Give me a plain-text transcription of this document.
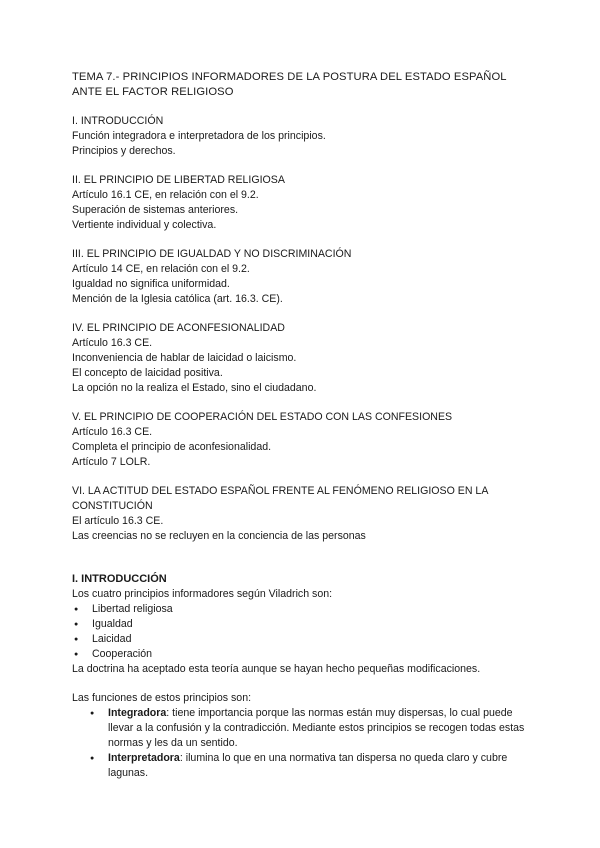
TEMA 7.- PRINCIPIOS INFORMADORES DE LA POSTURA DEL ESTADO ESPAÑOL

ANTE EL FACTOR RELIGIOSO

I. INTRODUCCIÓN

Función integradora e interpretadora de los principios.

Principios y derechos.

II. EL PRINCIPIO DE LIBERTAD RELIGIOSA

Artículo 16.1 CE, en relación con el 9.2.

Superación de sistemas anteriores.

Vertiente individual y colectiva.

III. EL PRINCIPIO DE IGUALDAD Y NO DISCRIMINACIÓN

Artículo 14 CE, en relación con el 9.2.

Igualdad no significa uniformidad.

Mención de la Iglesia católica (art. 16.3. CE).

IV. EL PRINCIPIO DE ACONFESIONALIDAD

Artículo 16.3 CE.

Inconveniencia de hablar de laicidad o laicismo.

El concepto de laicidad positiva.

La opción no la realiza el Estado, sino el ciudadano.

V. EL PRINCIPIO DE COOPERACIÓN DEL ESTADO CON LAS CONFESIONES

Artículo 16.3 CE.

Completa el principio de aconfesionalidad.

Artículo 7 LOLR.

VI. LA ACTITUD DEL ESTADO ESPAÑOL FRENTE AL FENÓMENO RELIGIOSO EN LA

CONSTITUCIÓN

El artículo 16.3 CE.

Las creencias no se recluyen en la conciencia de las personas

I. INTRODUCCIÓN

Los cuatro principios informadores según Viladrich son:

● Libertad religiosa
● Igualdad
● Laicidad
● Cooperación

La doctrina ha aceptado esta teoría aunque se hayan hecho pequeñas modificaciones.

Las funciones de estos principios son:

● Integradora: tiene importancia porque las normas están muy dispersas, lo cual puede llevar a la confusión y la contradicción. Mediante estos principios se recogen todas estas normas y les da un sentido.
● Interpretadora: ilumina lo que en una normativa tan dispersa no queda claro y cubre lagunas.
